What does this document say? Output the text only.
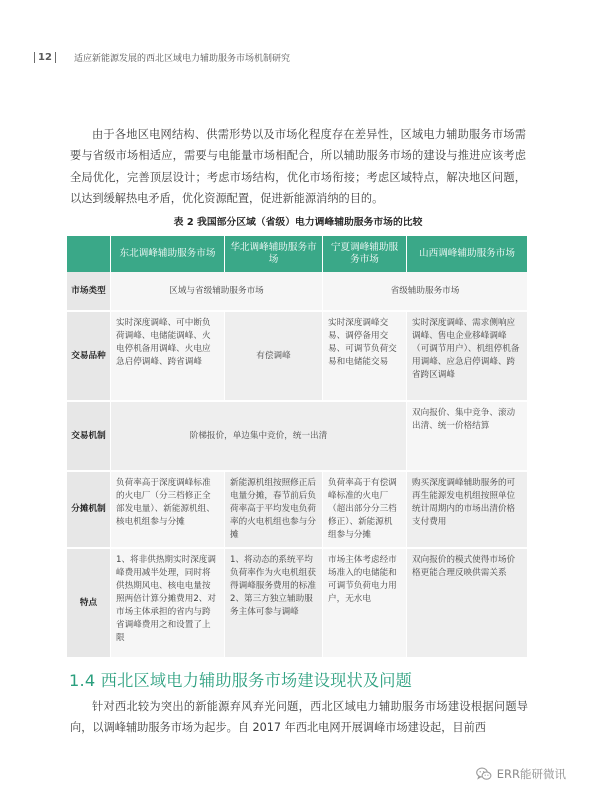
12 适应新能源发展的西北区域电力辅助服务市场机制研究
由于各地区电网结构、供需形势以及市场化程度存在差异性，区域电力辅助服务市场需要与省级市场相适应，需要与电能量市场相配合，所以辅助服务市场的建设与推进应该考虑全局优化，完善顶层设计；考虑市场结构，优化市场衔接；考虑区域特点，解决地区问题，以达到缓解热电矛盾，优化资源配置，促进新能源消纳的目的。
表 2 我国部分区域（省级）电力调峰辅助服务市场的比较
	东北调峰辅助服务市场	华北调峰辅助服务市场	宁夏调峰辅助服务市场	山西调峰辅助服务市场
市场类型	区域与省级辅助服务市场		省级辅助服务市场	
交易品种	实时深度调峰、可中断负荷调峰、电储能调峰、火电停机备用调峰、火电应急启停调峰、跨省调峰	有偿调峰	实时深度调峰交易、调停备用交易、可调节负荷交易和电储能交易	实时深度调峰、需求侧响应调峰、售电企业移峰调峰（可调节用户）、机组停机备用调峰、应急启停调峰、跨省跨区调峰
交易机制	阶梯报价，单边集中竞价，统一出清			双向报价、集中竞争、滚动出清、统一价格结算
分摊机制	负荷率高于深度调峰标准的火电厂（分三档修正全部发电量）、新能源机组、核电机组参与分摊	新能源机组按照修正后电量分摊，春节前后负荷率高于平均发电负荷率的火电机组也参与分摊	负荷率高于有偿调峰标准的火电厂（超出部分分三档修正）、新能源机组参与分摊	购买深度调峰辅助服务的可再生能源发电机组按照单位统计周期内的市场出清价格支付费用
特点	1、将非供热期实时深度调峰费用减半处理，同时将供热期风电、核电电量按照两倍计算分摊费用2、对市场主体承担的省内与跨省调峰费用之和设置了上限	1、将动态的系统平均负荷率作为火电机组获得调峰服务费用的标准 2、第三方独立辅助服务主体可参与调峰	市场主体考虑经市场准入的电储能和可调节负荷电力用户，无水电	双向报价的模式使得市场价格更能合理反映供需关系
1.4 西北区域电力辅助服务市场建设现状及问题
针对西北较为突出的新能源弃风弃光问题，西北区域电力辅助服务市场建设根据问题导向，以调峰辅助服务市场为起步。自 2017 年西北电网开展调峰市场建设起，目前西
ERR能研微讯
